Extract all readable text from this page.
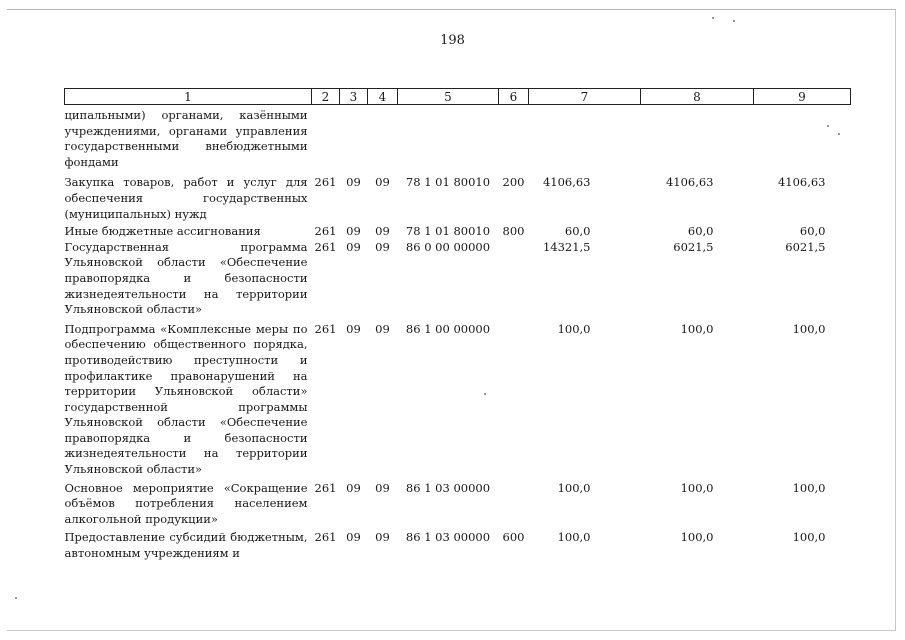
198
1	2	3	4	5	6	7	8	9
ципальными) органами, казёнными учреждениями, органами управления государственными внебюджетными фондами								
Закупка товаров, работ и услуг для обеспечения государственных (муниципальных) нужд	261	09	09	78 1 01 80010	200	4106,63	4106,63	4106,63
Иные бюджетные ассигнования	261	09	09	78 1 01 80010	800	60,0	60,0	60,0
Государственная программа Ульяновской области «Обеспечение правопорядка и безопасности жизнедеятельности на территории Ульяновской области»	261	09	09	86 0 00 00000		14321,5	6021,5	6021,5
Подпрограмма «Комплексные меры по обеспечению общественного порядка, противодействию преступности и профилактике правонарушений на территории Ульяновской области» государственной программы Ульяновской области «Обеспечение правопорядка и безопасности жизнедеятельности на территории Ульяновской области»	261	09	09	86 1 00 00000		100,0	100,0	100,0
Основное мероприятие «Сокращение объёмов потребления населением алкогольной продукции»	261	09	09	86 1 03 00000		100,0	100,0	100,0
Предоставление субсидий бюджетным, автономным учреждениям и	261	09	09	86 1 03 00000	600	100,0	100,0	100,0
